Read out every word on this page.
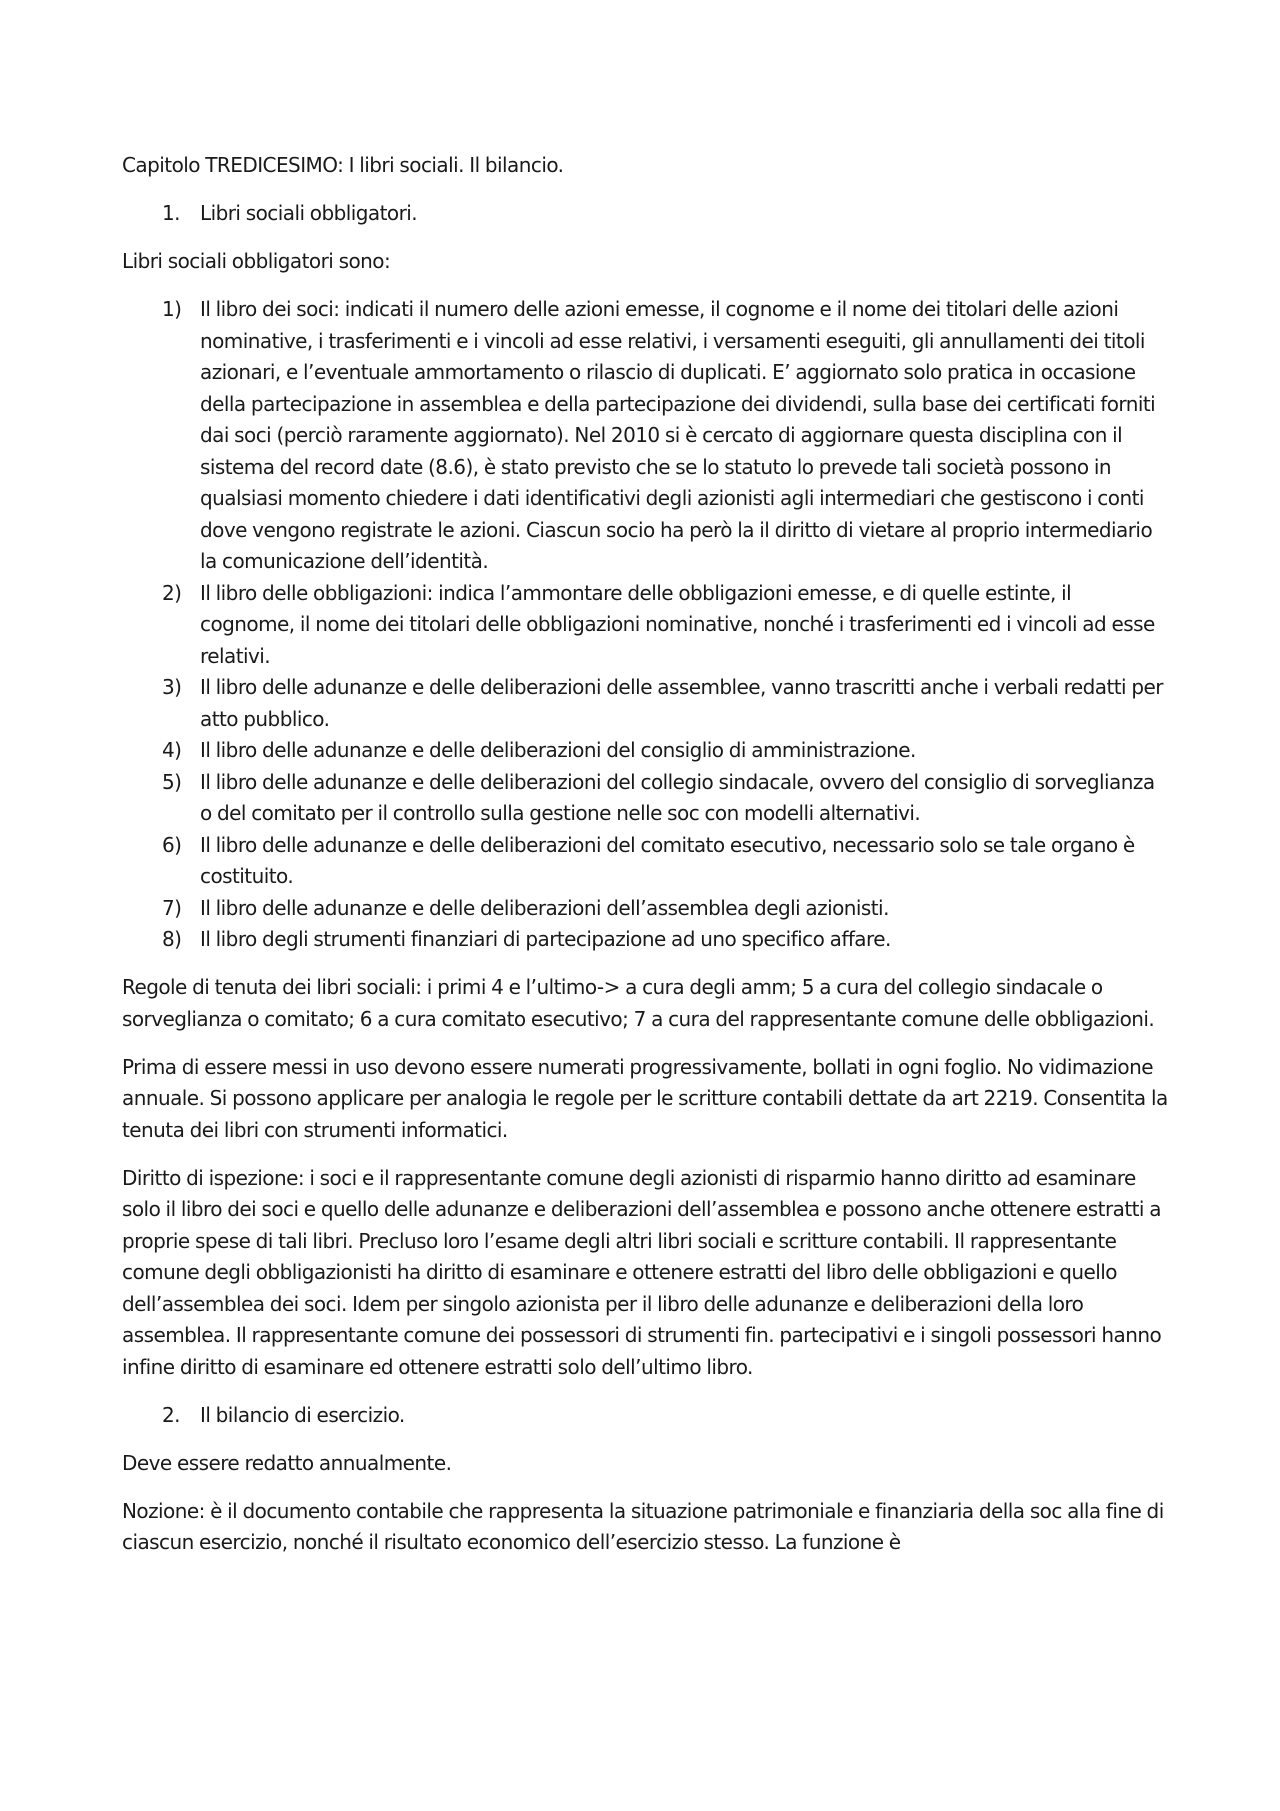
Capitolo TREDICESIMO: I libri sociali. Il bilancio.

1.	Libri sociali obbligatori.

Libri sociali obbligatori sono:

1) Il libro dei soci: indicati il numero delle azioni emesse, il cognome e il nome dei titolari delle azioni nominative, i trasferimenti e i vincoli ad esse relativi, i versamenti eseguiti, gli annullamenti dei titoli azionari, e l’eventuale ammortamento o rilascio di duplicati. E’ aggiornato solo pratica in occasione della partecipazione in assemblea e della partecipazione dei dividendi, sulla base dei certificati forniti dai soci (perciò raramente aggiornato). Nel 2010 si è cercato di aggiornare questa disciplina con il sistema del record date (8.6), è stato previsto che se lo statuto lo prevede tali società possono in qualsiasi momento chiedere i dati identificativi degli azionisti agli intermediari che gestiscono i conti dove vengono registrate le azioni. Ciascun socio ha però la il diritto di vietare al proprio intermediario la comunicazione dell’identità.
2) Il libro delle obbligazioni: indica l’ammontare delle obbligazioni emesse, e di quelle estinte, il cognome, il nome dei titolari delle obbligazioni nominative, nonché i trasferimenti ed i vincoli ad esse relativi.
3) Il libro delle adunanze e delle deliberazioni delle assemblee, vanno trascritti anche i verbali redatti per atto pubblico.
4) Il libro delle adunanze e delle deliberazioni del consiglio di amministrazione.
5) Il libro delle adunanze e delle deliberazioni del collegio sindacale, ovvero del consiglio di sorveglianza o del comitato per il controllo sulla gestione nelle soc con modelli alternativi.
6) Il libro delle adunanze e delle deliberazioni del comitato esecutivo, necessario solo se tale organo è costituito.
7) Il libro delle adunanze e delle deliberazioni dell’assemblea degli azionisti.
8) Il libro degli strumenti finanziari di partecipazione ad uno specifico affare.

Regole di tenuta dei libri sociali: i primi 4 e l’ultimo-> a cura degli amm; 5 a cura del collegio sindacale o sorveglianza o comitato; 6 a cura comitato esecutivo; 7 a cura del rappresentante comune delle obbligazioni.

Prima di essere messi in uso devono essere numerati progressivamente, bollati in ogni foglio. No vidimazione annuale. Si possono applicare per analogia le regole per le scritture contabili dettate da art 2219. Consentita la tenuta dei libri con strumenti informatici.

Diritto di ispezione: i soci e il rappresentante comune degli azionisti di risparmio hanno diritto ad esaminare solo il libro dei soci e quello delle adunanze e deliberazioni dell’assemblea e possono anche ottenere estratti a proprie spese di tali libri. Precluso loro l’esame degli altri libri sociali e scritture contabili. Il rappresentante comune degli obbligazionisti ha diritto di esaminare e ottenere estratti del libro delle obbligazioni e quello dell’assemblea dei soci. Idem per singolo azionista per il libro delle adunanze e deliberazioni della loro assemblea. Il rappresentante comune dei possessori di strumenti fin. partecipativi e i singoli possessori hanno infine diritto di esaminare ed ottenere estratti solo dell’ultimo libro.

2.	Il bilancio di esercizio.

Deve essere redatto annualmente.

Nozione: è il documento contabile che rappresenta la situazione patrimoniale e finanziaria della soc alla fine di ciascun esercizio, nonché il risultato economico dell’esercizio stesso. La funzione è
